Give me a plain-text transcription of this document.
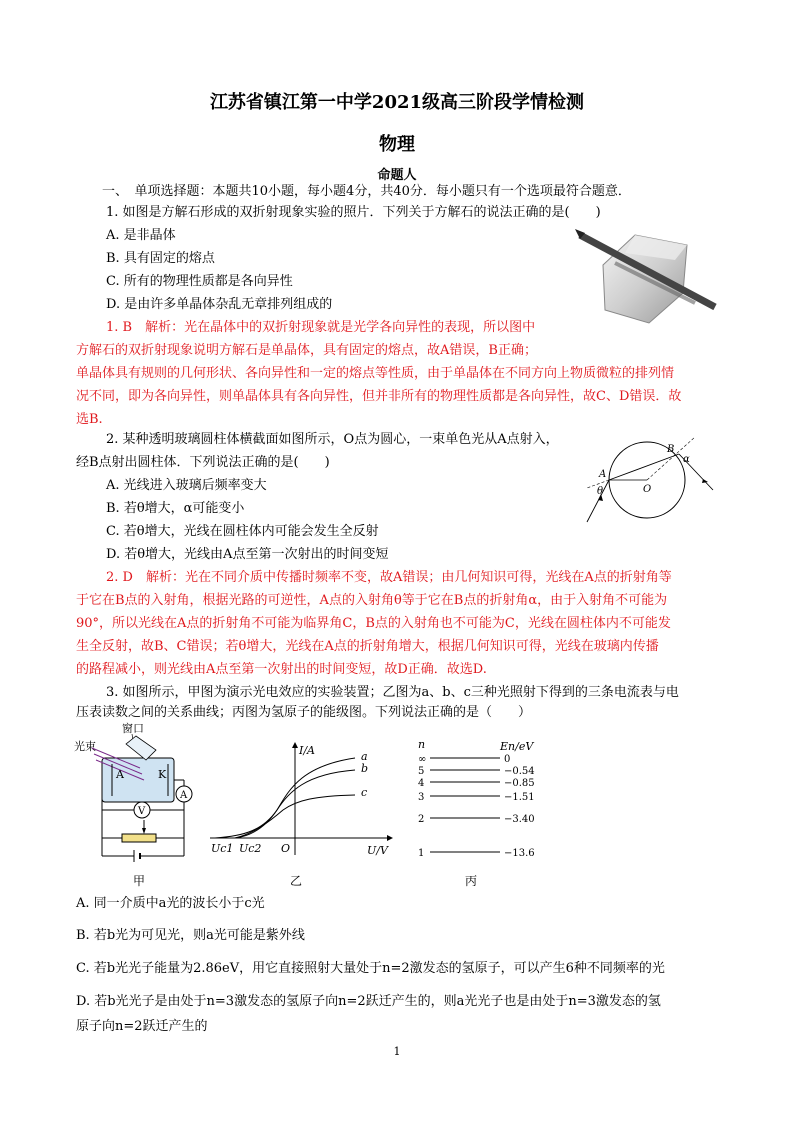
江苏省镇江第一中学2021级高三阶段学情检测
物理
命题人
一、　单项选择题：本题共10小题，每小题4分，共40分．每小题只有一个选项最符合题意．
1. 如图是方解石形成的双折射现象实验的照片．下列关于方解石的说法正确的是(　　)
A. 是非晶体
B. 具有固定的熔点
C. 所有的物理性质都是各向异性
D. 是由许多单晶体杂乱无章排列组成的
1. B　解析：光在晶体中的双折射现象就是光学各向异性的表现，所以图中
方解石的双折射现象说明方解石是单晶体，具有固定的熔点，故A错误，B正确；
单晶体具有规则的几何形状、各向异性和一定的熔点等性质，由于单晶体在不同方向上物质微粒的排列情
况不同，即为各向异性，则单晶体具有各向异性，但并非所有的物理性质都是各向异性，故C、D错误．故
选B.
2. 某种透明玻璃圆柱体横截面如图所示，O点为圆心，一束单色光从A点射入，
经B点射出圆柱体．下列说法正确的是(　　)
A. 光线进入玻璃后频率变大
B. 若θ增大，α可能变小
C. 若θ增大，光线在圆柱体内可能会发生全反射
D. 若θ增大，光线由A点至第一次射出的时间变短
2. D　解析：光在不同介质中传播时频率不变，故A错误；由几何知识可得，光线在A点的折射角等
于它在B点的入射角，根据光路的可逆性，A点的入射角θ等于它在B点的折射角α，由于入射角不可能为
90°，所以光线在A点的折射角不可能为临界角C，B点的入射角也不可能为C，光线在圆柱体内不可能发
生全反射，故B、C错误；若θ增大，光线在A点的折射角增大，根据几何知识可得，光线在玻璃内传播
的路程减小，则光线由A点至第一次射出的时间变短，故D正确．故选D.
A
θ
B
α
O
3. 如图所示，甲图为演示光电效应的实验装置；乙图为a、b、c三种光照射下得到的三条电流表与电
压表读数之间的关系曲线；丙图为氢原子的能级图。下列说法正确的是（　　）
窗口
光束
A	K
A
V
甲
I/A
U/V
Uc1 Uc2 O
a
b
c
乙
n	En/eV
∞	0
5	−0.54
4	−0.85
3	−1.51
2	−3.40
1	−13.6
丙
A. 同一介质中a光的波长小于c光
B. 若b光为可见光，则a光可能是紫外线
C. 若b光光子能量为2.86eV，用它直接照射大量处于n=2激发态的氢原子，可以产生6种不同频率的光
D. 若b光光子是由处于n=3激发态的氢原子向n=2跃迁产生的，则a光光子也是由处于n=3激发态的氢
原子向n=2跃迁产生的
1
